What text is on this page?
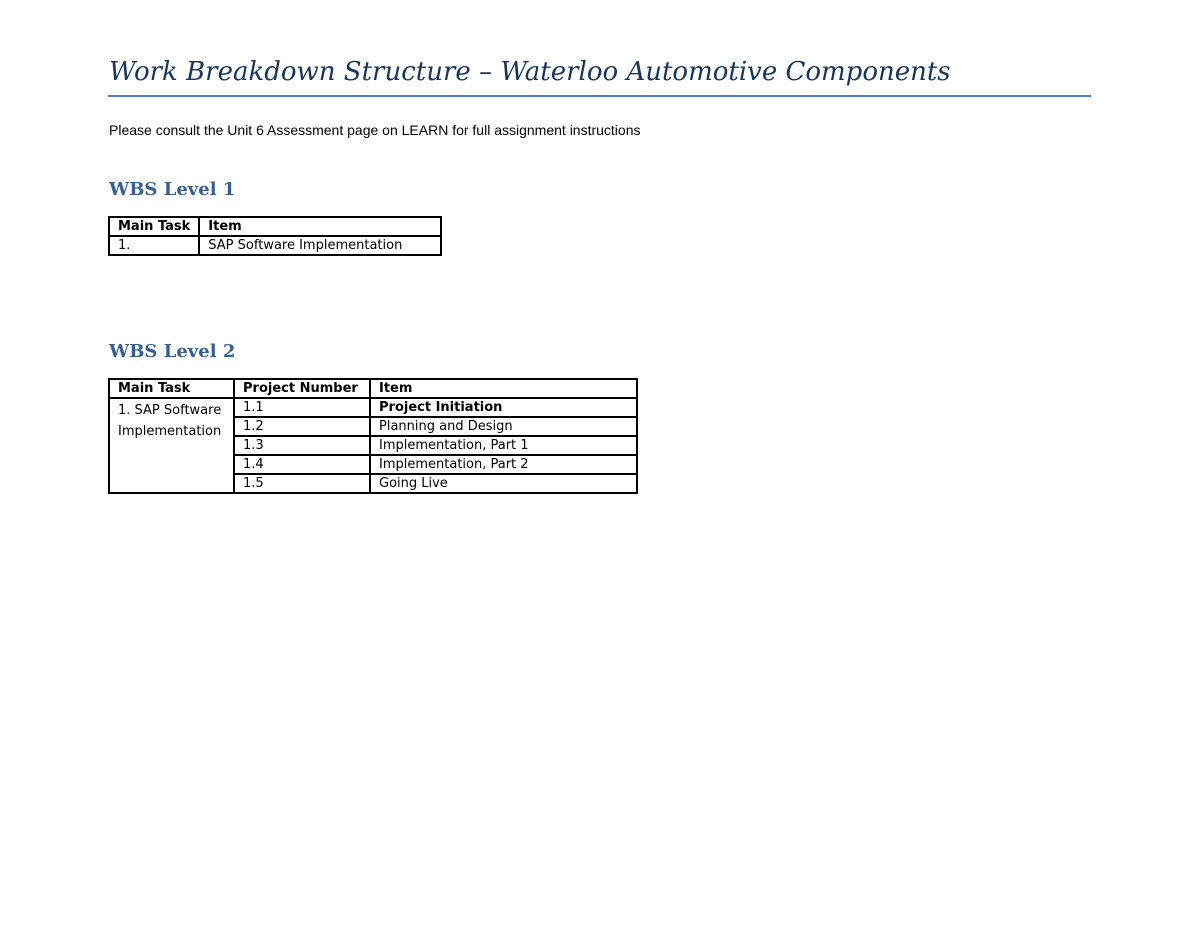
Work Breakdown Structure – Waterloo Automotive Components

Please consult the Unit 6 Assessment page on LEARN for full assignment instructions

WBS Level 1
Main Task	Item
1.	SAP Software Implementation
WBS Level 2
Main Task	Project Number	Item
1. SAP Software
Implementation	1.1	Project Initiation
	1.2	Planning and Design
	1.3	Implementation, Part 1
	1.4	Implementation, Part 2
	1.5	Going Live
